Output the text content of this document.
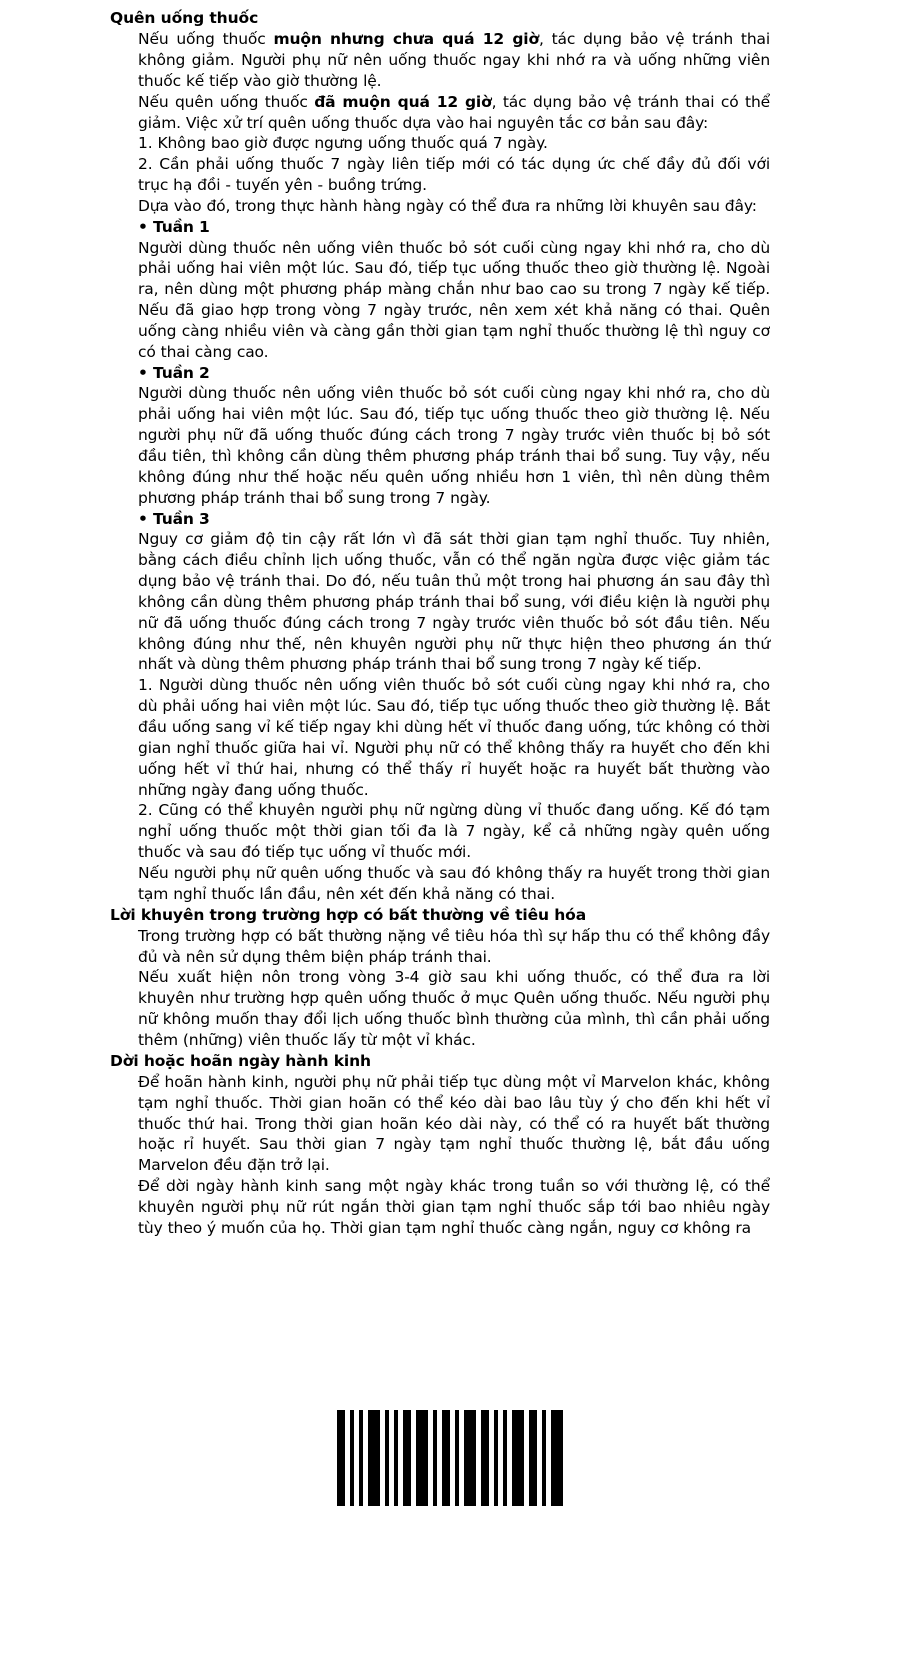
Quên uống thuốc
Nếu uống thuốc muộn nhưng chưa quá 12 giờ, tác dụng bảo vệ tránh thai không giảm. Người phụ nữ nên uống thuốc ngay khi nhớ ra và uống những viên thuốc kế tiếp vào giờ thường lệ.
Nếu quên uống thuốc đã muộn quá 12 giờ, tác dụng bảo vệ tránh thai có thể giảm. Việc xử trí quên uống thuốc dựa vào hai nguyên tắc cơ bản sau đây:
1. Không bao giờ được ngưng uống thuốc quá 7 ngày.
2. Cần phải uống thuốc 7 ngày liên tiếp mới có tác dụng ức chế đầy đủ đối với trục hạ đồi - tuyến yên - buồng trứng.
Dựa vào đó, trong thực hành hàng ngày có thể đưa ra những lời khuyên sau đây:
• Tuần 1
Người dùng thuốc nên uống viên thuốc bỏ sót cuối cùng ngay khi nhớ ra, cho dù phải uống hai viên một lúc. Sau đó, tiếp tục uống thuốc theo giờ thường lệ. Ngoài ra, nên dùng một phương pháp màng chắn như bao cao su trong 7 ngày kế tiếp. Nếu đã giao hợp trong vòng 7 ngày trước, nên xem xét khả năng có thai. Quên uống càng nhiều viên và càng gần thời gian tạm nghỉ thuốc thường lệ thì nguy cơ có thai càng cao.
• Tuần 2
Người dùng thuốc nên uống viên thuốc bỏ sót cuối cùng ngay khi nhớ ra, cho dù phải uống hai viên một lúc. Sau đó, tiếp tục uống thuốc theo giờ thường lệ. Nếu người phụ nữ đã uống thuốc đúng cách trong 7 ngày trước viên thuốc bị bỏ sót đầu tiên, thì không cần dùng thêm phương pháp tránh thai bổ sung. Tuy vậy, nếu không đúng như thế hoặc nếu quên uống nhiều hơn 1 viên, thì nên dùng thêm phương pháp tránh thai bổ sung trong 7 ngày.
• Tuần 3
Nguy cơ giảm độ tin cậy rất lớn vì đã sát thời gian tạm nghỉ thuốc. Tuy nhiên, bằng cách điều chỉnh lịch uống thuốc, vẫn có thể ngăn ngừa được việc giảm tác dụng bảo vệ tránh thai. Do đó, nếu tuân thủ một trong hai phương án sau đây thì không cần dùng thêm phương pháp tránh thai bổ sung, với điều kiện là người phụ nữ đã uống thuốc đúng cách trong 7 ngày trước viên thuốc bỏ sót đầu tiên. Nếu không đúng như thế, nên khuyên người phụ nữ thực hiện theo phương án thứ nhất và dùng thêm phương pháp tránh thai bổ sung trong 7 ngày kế tiếp.
1. Người dùng thuốc nên uống viên thuốc bỏ sót cuối cùng ngay khi nhớ ra, cho dù phải uống hai viên một lúc. Sau đó, tiếp tục uống thuốc theo giờ thường lệ. Bắt đầu uống sang vỉ kế tiếp ngay khi dùng hết vỉ thuốc đang uống, tức không có thời gian nghỉ thuốc giữa hai vỉ. Người phụ nữ có thể không thấy ra huyết cho đến khi uống hết vỉ thứ hai, nhưng có thể thấy rỉ huyết hoặc ra huyết bất thường vào những ngày đang uống thuốc.
2. Cũng có thể khuyên người phụ nữ ngừng dùng vỉ thuốc đang uống. Kế đó tạm nghỉ uống thuốc một thời gian tối đa là 7 ngày, kể cả những ngày quên uống thuốc và sau đó tiếp tục uống vỉ thuốc mới.
Nếu người phụ nữ quên uống thuốc và sau đó không thấy ra huyết trong thời gian tạm nghỉ thuốc lần đầu, nên xét đến khả năng có thai.
Lời khuyên trong trường hợp có bất thường về tiêu hóa
Trong trường hợp có bất thường nặng về tiêu hóa thì sự hấp thu có thể không đầy đủ và nên sử dụng thêm biện pháp tránh thai.
Nếu xuất hiện nôn trong vòng 3-4 giờ sau khi uống thuốc, có thể đưa ra lời khuyên như trường hợp quên uống thuốc ở mục Quên uống thuốc. Nếu người phụ nữ không muốn thay đổi lịch uống thuốc bình thường của mình, thì cần phải uống thêm (những) viên thuốc lấy từ một vỉ khác.
Dời hoặc hoãn ngày hành kinh
Để hoãn hành kinh, người phụ nữ phải tiếp tục dùng một vỉ Marvelon khác, không tạm nghỉ thuốc. Thời gian hoãn có thể kéo dài bao lâu tùy ý cho đến khi hết vỉ thuốc thứ hai. Trong thời gian hoãn kéo dài này, có thể có ra huyết bất thường hoặc rỉ huyết. Sau thời gian 7 ngày tạm nghỉ thuốc thường lệ, bắt đầu uống Marvelon đều đặn trở lại.
Để dời ngày hành kinh sang một ngày khác trong tuần so với thường lệ, có thể khuyên người phụ nữ rút ngắn thời gian tạm nghỉ thuốc sắp tới bao nhiêu ngày tùy theo ý muốn của họ. Thời gian tạm nghỉ thuốc càng ngắn, nguy cơ không ra
